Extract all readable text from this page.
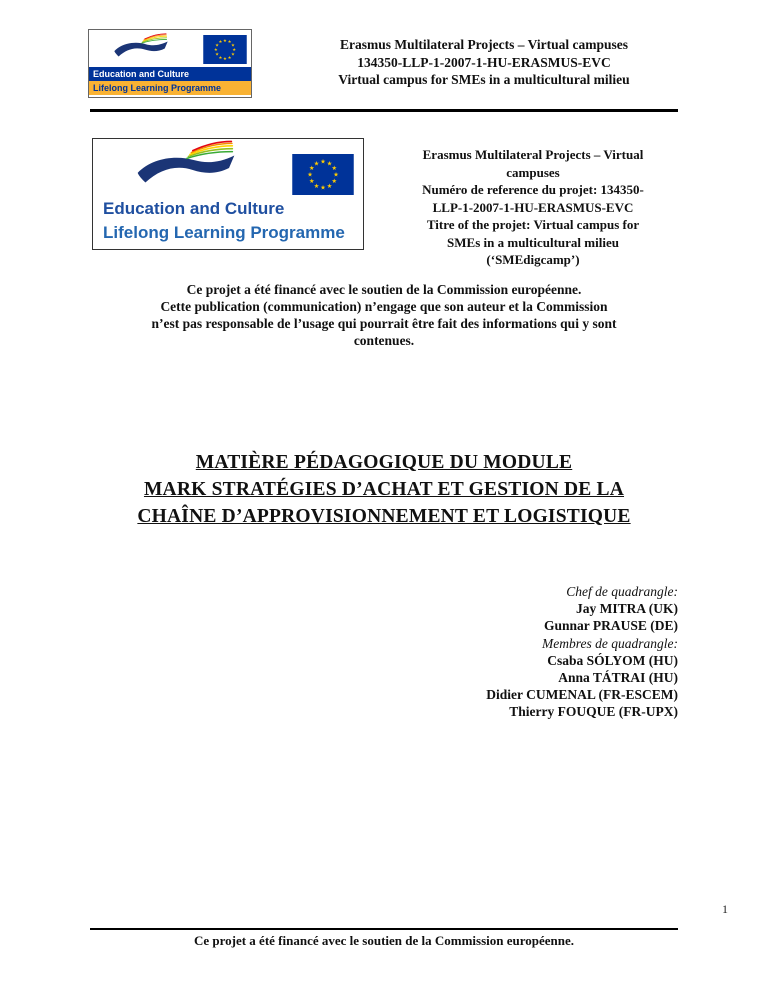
Education and Culture
Lifelong Learning Programme
Erasmus Multilateral Projects – Virtual campuses
134350-LLP-1-2007-1-HU-ERASMUS-EVC
Virtual campus for SMEs in a multicultural milieu
Education and Culture
Lifelong Learning Programme
Erasmus Multilateral Projects – Virtual
campuses
Numéro de reference du projet: 134350-
LLP-1-2007-1-HU-ERASMUS-EVC
Titre of the projet: Virtual campus for
SMEs in a multicultural milieu
(‘SMEdigcamp’)
Ce projet a été financé avec le soutien de la Commission européenne.
Cette publication (communication) n’engage que son auteur et la Commission
n’est pas responsable de l’usage qui pourrait être fait des informations qui y sont
contenues.
MATIÈRE PÉDAGOGIQUE DU MODULE
MARK STRATÉGIES D’ACHAT ET GESTION DE LA
CHAÎNE D’APPROVISIONNEMENT ET LOGISTIQUE
Chef de quadrangle:
Jay MITRA (UK)
Gunnar PRAUSE (DE)
Membres de quadrangle:
Csaba SÓLYOM (HU)
Anna TÁTRAI (HU)
Didier CUMENAL (FR-ESCEM)
Thierry FOUQUE (FR-UPX)
1
Ce projet a été financé avec le soutien de la Commission européenne.
